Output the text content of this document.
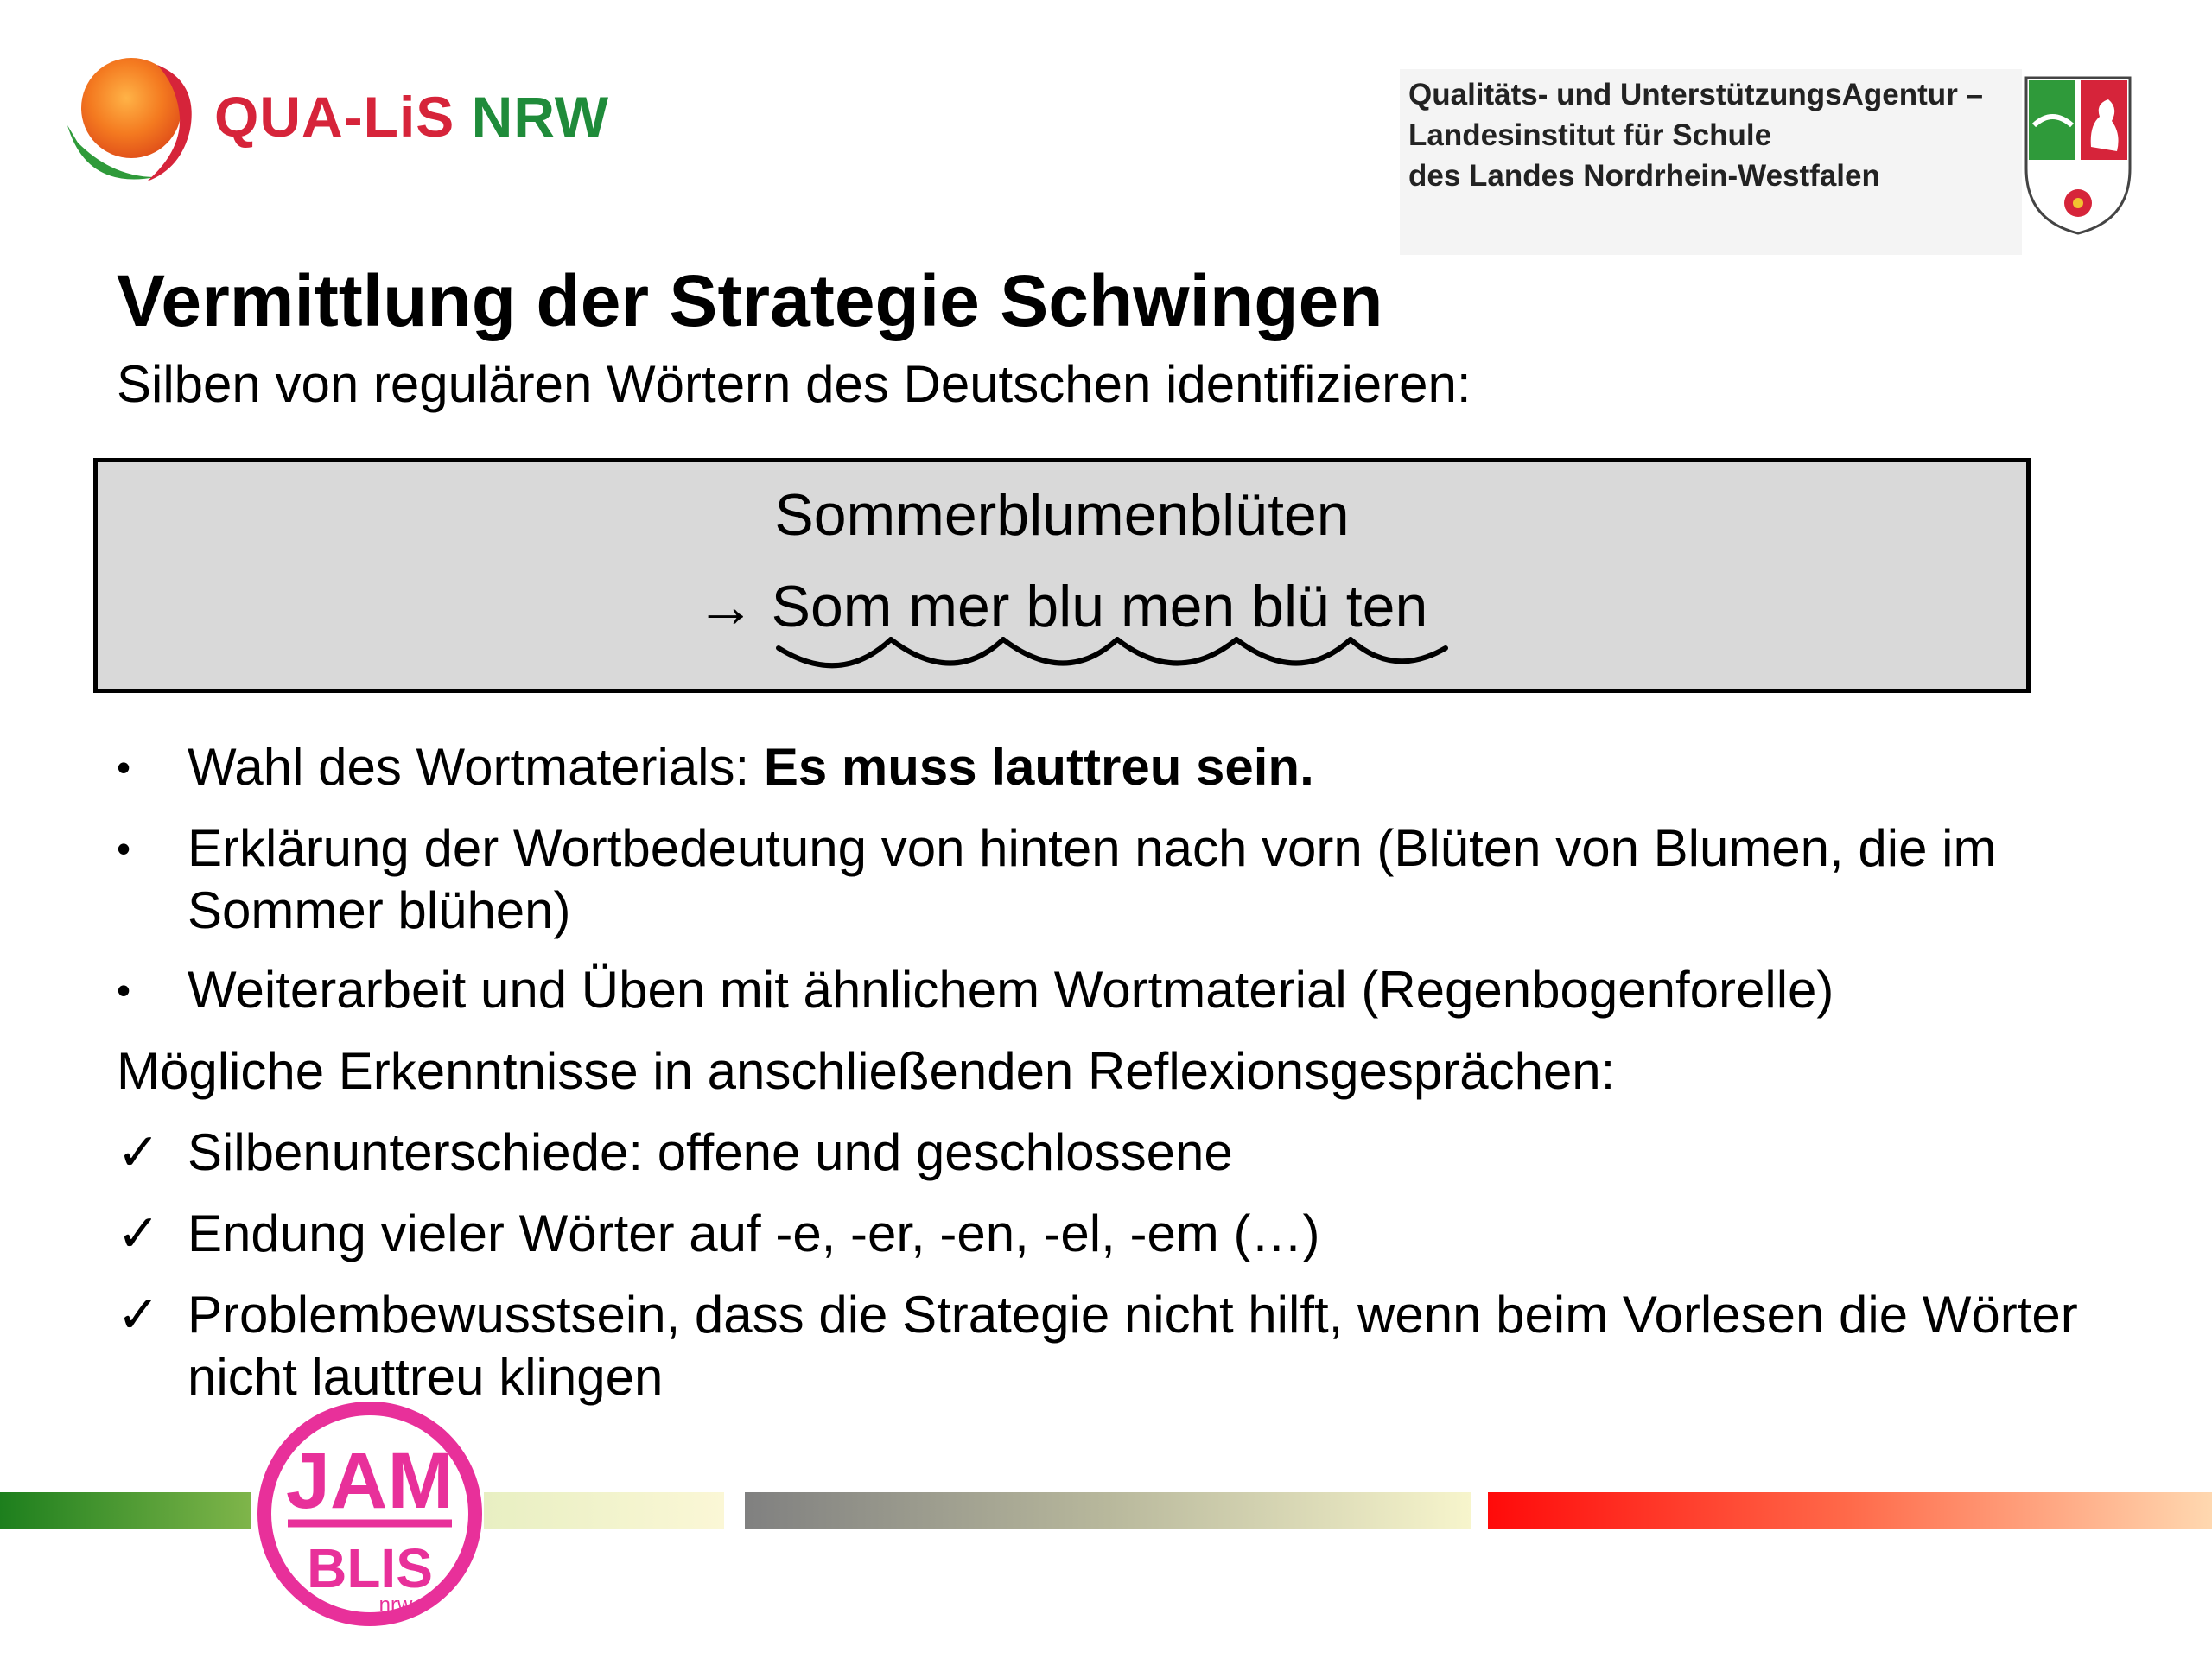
QUA-LiS NRW	Qualitäts- und UnterstützungsAgentur –
Landesinstitut für Schule
des Landes Nordrhein-Westfalen
Vermittlung der Strategie Schwingen
Silben von regulären Wörtern des Deutschen identifizieren:
Sommerblumenblüten
→ Som mer blu men blü ten
•	Wahl des Wortmaterials: Es muss lauttreu sein.
•	Erklärung der Wortbedeutung von hinten nach vorn (Blüten von Blumen, die im Sommer blühen)
•	Weiterarbeit und Üben mit ähnlichem Wortmaterial (Regenbogenforelle)
Mögliche Erkenntnisse in anschließenden Reflexionsgesprächen:
✓ Silbenunterschiede: offene und geschlossene
✓ Endung vieler Wörter auf -e, -er, -en, -el, -em (…)
✓ Problembewusstsein, dass die Strategie nicht hilft, wenn beim Vorlesen die Wörter nicht lauttreu klingen
JAM
BLIS
nrw
